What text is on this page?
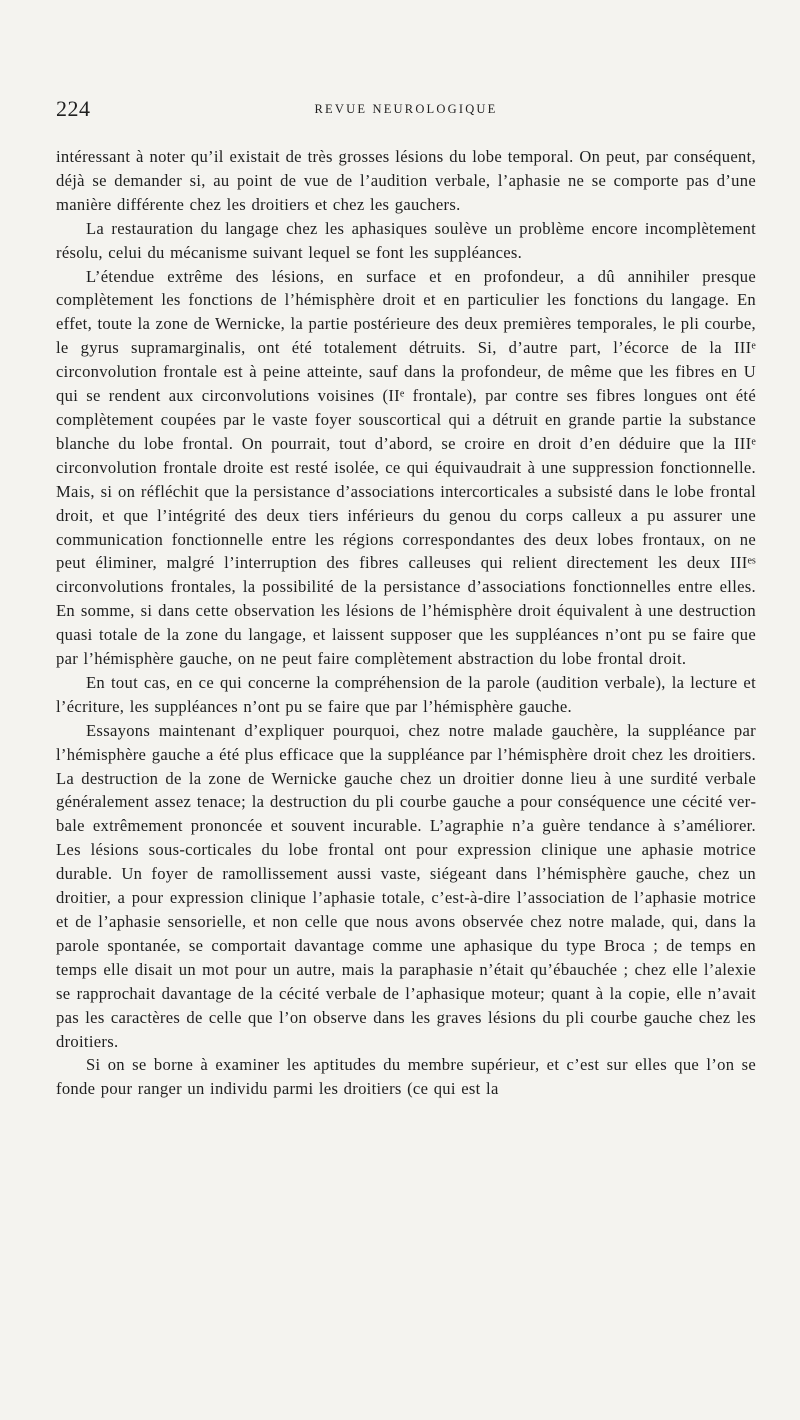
224	REVUE NEUROLOGIQUE

intéressant à noter qu’il existait de très grosses lésions du lobe temporal. On peut, par conséquent, déjà se demander si, au point de vue de l’audition verbale, l’aphasie ne se comporte pas d’une manière différente chez les droitiers et chez les gauchers.

La restauration du langage chez les aphasiques soulève un problème encore incomplètement résolu, celui du mécanisme suivant lequel se font les suppléances.

L’étendue extrême des lésions, en surface et en profondeur, a dû annihiler presque complètement les fonctions de l’hémisphère droit et en particulier les fonctions du langage. En effet, toute la zone de Wernicke, la partie postérieure des deux premières temporales, le pli courbe, le gyrus supramarginalis, ont été totalement détruits. Si, d’autre part, l’écorce de la IIIᵉ circonvolution frontale est à peine atteinte, sauf dans la profondeur, de même que les fibres en U qui se rendent aux circonvolutions voisines (IIᵉ frontale), par contre ses fibres longues ont été complètement coupées par le vaste foyer souscortical qui a détruit en grande partie la substance blanche du lobe frontal. On pourrait, tout d’abord, se croire en droit d’en déduire que la IIIᵉ circonvolution frontale droite est resté isolée, ce qui équivaudrait à une suppression fonctionnelle. Mais, si on réfléchit que la persistance d’associations intercorticales a subsisté dans le lobe frontal droit, et que l’intégrité des deux tiers inférieurs du genou du corps calleux a pu assurer une communication fonctionnelle entre les régions correspondantes des deux lobes frontaux, on ne peut éliminer, malgré l’interruption des fibres calleuses qui relient directement les deux IIIᵉˢ circonvolutions frontales, la possibilité de la persistance d’associations fonctionnelles entre elles. En somme, si dans cette observation les lésions de l’hémisphère droit équivalent à une destruction quasi totale de la zone du langage, et laissent supposer que les suppléances n’ont pu se faire que par l’hémisphère gauche, on ne peut faire complètement abstraction du lobe frontal droit.

En tout cas, en ce qui concerne la compréhension de la parole (audition verbale), la lecture et l’écriture, les suppléances n’ont pu se faire que par l’hémisphère gauche.

Essayons maintenant d’expliquer pourquoi, chez notre malade gauchère, la suppléance par l’hémisphère gauche a été plus efficace que la suppléance par l’hémisphère droit chez les droitiers. La destruction de la zone de Wernicke gauche chez un droitier donne lieu à une surdité verbale généralement assez tenace; la destruction du pli courbe gauche a pour conséquence une cécité verbale extrêmement prononcée et souvent incurable. L’agraphie n’a guère tendance à s’améliorer. Les lésions sous-corticales du lobe frontal ont pour expression clinique une aphasie motrice durable. Un foyer de ramollissement aussi vaste, siégeant dans l’hémisphère gauche, chez un droitier, a pour expression clinique l’aphasie totale, c’est-à-dire l’association de l’aphasie motrice et de l’aphasie sensorielle, et non celle que nous avons observée chez notre malade, qui, dans la parole spontanée, se comportait davantage comme une aphasique du type Broca ; de temps en temps elle disait un mot pour un autre, mais la paraphasie n’était qu’ébauchée ; chez elle l’alexie se rapprochait davantage de la cécité verbale de l’aphasique moteur; quant à la copie, elle n’avait pas les caractères de celle que l’on observe dans les graves lésions du pli courbe gauche chez les droitiers.

Si on se borne à examiner les aptitudes du membre supérieur, et c’est sur elles que l’on se fonde pour ranger un individu parmi les droitiers (ce qui est la
